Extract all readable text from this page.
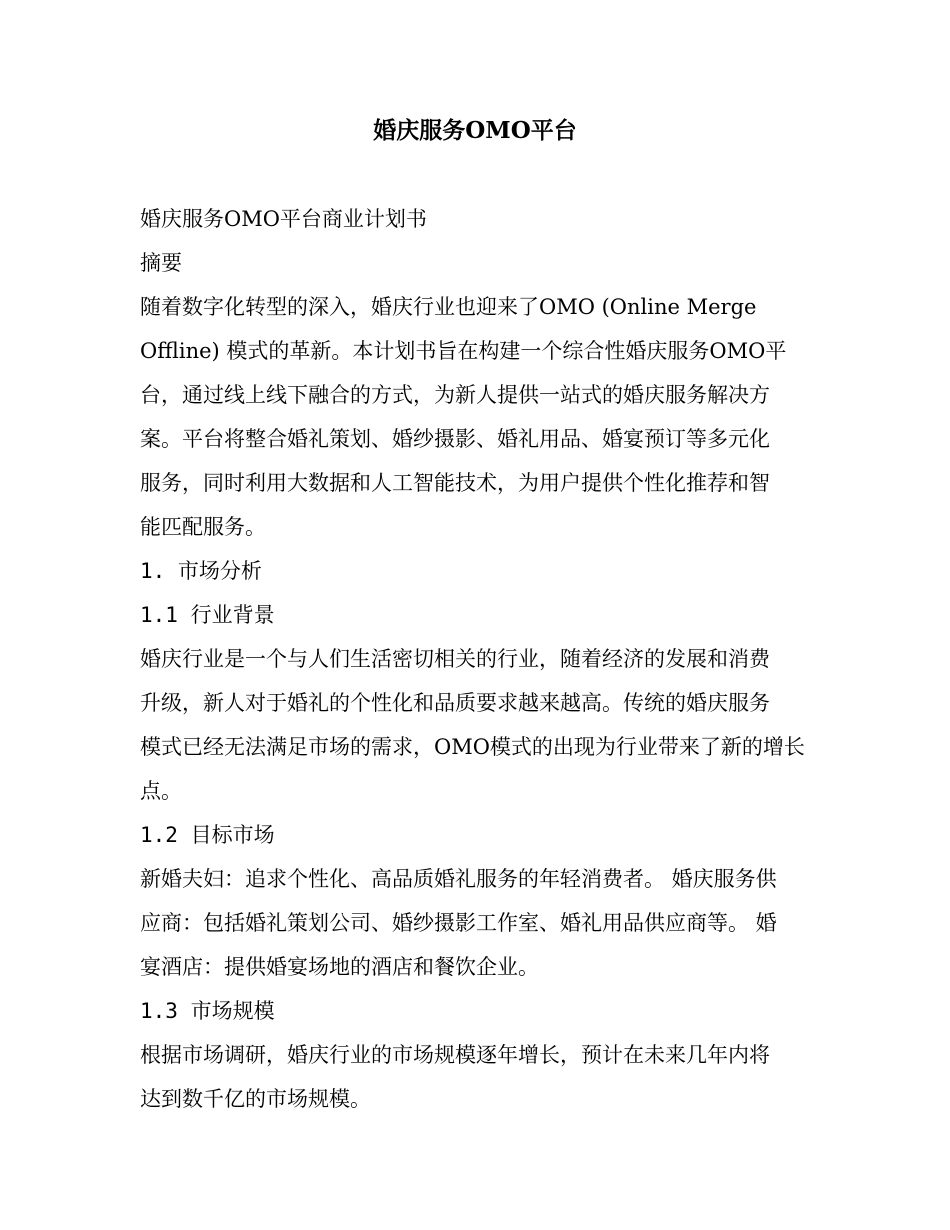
婚庆服务OMO平台

婚庆服务OMO平台商业计划书

摘要

随着数字化转型的深入，婚庆行业也迎来了OMO (Online Merge

Offline) 模式的革新。本计划书旨在构建一个综合性婚庆服务OMO平

台，通过线上线下融合的方式，为新人提供一站式的婚庆服务解决方

案。平台将整合婚礼策划、婚纱摄影、婚礼用品、婚宴预订等多元化

服务，同时利用大数据和人工智能技术，为用户提供个性化推荐和智

能匹配服务。

1. 市场分析

1.1 行业背景

婚庆行业是一个与人们生活密切相关的行业，随着经济的发展和消费

升级，新人对于婚礼的个性化和品质要求越来越高。传统的婚庆服务

模式已经无法满足市场的需求，OMO模式的出现为行业带来了新的增长

点。

1.2 目标市场

新婚夫妇：追求个性化、高品质婚礼服务的年轻消费者。 婚庆服务供

应商：包括婚礼策划公司、婚纱摄影工作室、婚礼用品供应商等。 婚

宴酒店：提供婚宴场地的酒店和餐饮企业。

1.3 市场规模

根据市场调研，婚庆行业的市场规模逐年增长，预计在未来几年内将

达到数千亿的市场规模。
